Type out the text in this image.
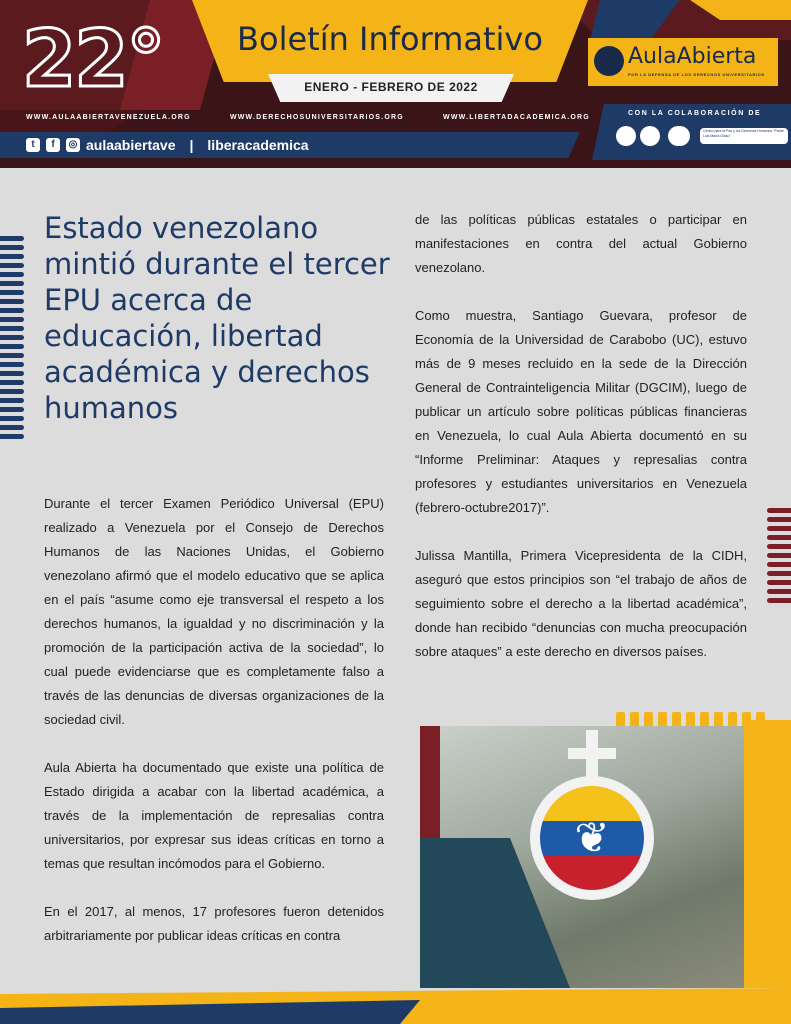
22°	Boletín Informativo
ENERO - FEBRERO DE 2022
WWW.AULAABIERTAVENEZUELA.ORG	WWW.DERECHOSUNIVERSITARIOS.ORG	WWW.LIBERTADACADEMICA.ORG
t	f	◎ aulaabiertave | liberacademica
AulaAbierta
POR LA DEFENSA DE LOS DERECHOS UNIVERSITARIOS
CON LA COLABORACIÓN DE
Centro para la Paz y los Derechos Humanos "Padre Luis María Olaso"
Estado venezolano mintió durante el tercer EPU acerca de educación, libertad académica y derechos humanos

Durante el tercer Examen Periódico Universal (EPU) realizado a Venezuela por el Consejo de Derechos Humanos de las Naciones Unidas, el Gobierno venezolano afirmó que el modelo educativo que se aplica en el país “asume como eje transversal el respeto a los derechos humanos, la igualdad y no discriminación y la promoción de la participación activa de la sociedad”, lo cual puede evidenciarse que es completamente falso a través de las denuncias de diversas organizaciones de la sociedad civil.

Aula Abierta ha documentado que existe una política de Estado dirigida a acabar con la libertad académica, a través de la implementación de represalias contra universitarios, por expresar sus ideas críticas en torno a temas que resultan incómodos para el Gobierno.

En el 2017, al menos, 17 profesores fueron detenidos arbitrariamente por publicar ideas críticas en contra

de las políticas públicas estatales o participar en manifestaciones en contra del actual Gobierno venezolano.

Como muestra, Santiago Guevara, profesor de Economía de la Universidad de Carabobo (UC), estuvo más de 9 meses recluido en la sede de la Dirección General de Contrainteligencia Militar (DGCIM), luego de publicar un artículo sobre políticas públicas financieras en Venezuela, lo cual Aula Abierta documentó en su “Informe Preliminar: Ataques y represalias contra profesores y estudiantes universitarios en Venezuela (febrero-octubre2017)”.

Julissa Mantilla, Primera Vicepresidenta de la CIDH, aseguró que estos principios son “el trabajo de años de seguimiento sobre el derecho a la libertad académica”, donde han recibido “denuncias con mucha preocupación sobre ataques” a este derecho en diversos países.

❦
